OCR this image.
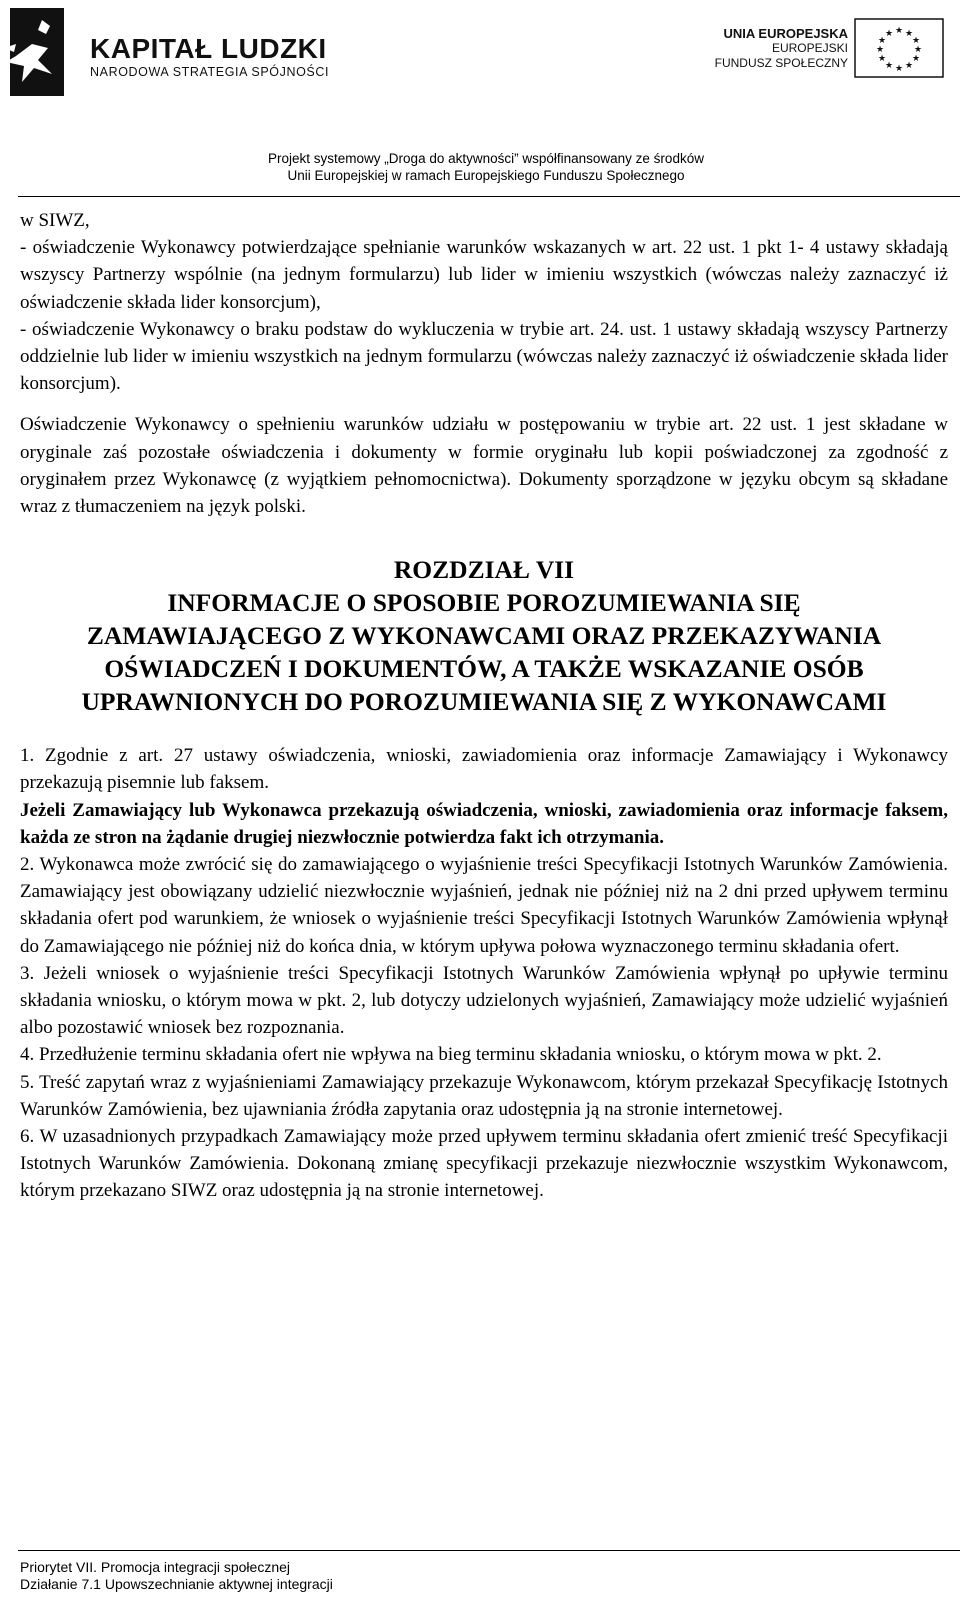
KAPITAŁ LUDZKI
NARODOWA STRATEGIA SPÓJNOŚCI
UNIA EUROPEJSKA
EUROPEJSKI
FUNDUSZ SPOŁECZNY
★ ★
★
★
★
★
★
★
★
★
★
★
Projekt systemowy „Droga do aktywności” współfinansowany ze środków
Unii Europejskiej w ramach Europejskiego Funduszu Społecznego

w SIWZ,

- oświadczenie Wykonawcy potwierdzające spełnianie warunków wskazanych w art. 22 ust. 1 pkt 1- 4 ustawy składają wszyscy Partnerzy wspólnie (na jednym formularzu) lub lider w imieniu wszystkich (wówczas należy zaznaczyć iż oświadczenie składa lider konsorcjum),

- oświadczenie Wykonawcy o braku podstaw do wykluczenia w trybie art. 24. ust. 1 ustawy składają wszyscy Partnerzy oddzielnie lub lider w imieniu wszystkich na jednym formularzu (wówczas należy zaznaczyć iż oświadczenie składa lider konsorcjum).

Oświadczenie Wykonawcy o spełnieniu warunków udziału w postępowaniu w trybie art. 22 ust. 1 jest składane w oryginale zaś pozostałe oświadczenia i dokumenty w formie oryginału lub kopii poświadczonej za zgodność z oryginałem przez Wykonawcę (z wyjątkiem pełnomocnictwa). Dokumenty sporządzone w języku obcym są składane wraz z tłumaczeniem na język polski.

ROZDZIAŁ VII

INFORMACJE O SPOSOBIE POROZUMIEWANIA SIĘ

ZAMAWIAJĄCEGO Z WYKONAWCAMI ORAZ PRZEKAZYWANIA

OŚWIADCZEŃ I DOKUMENTÓW, A TAKŻE WSKAZANIE OSÓB

UPRAWNIONYCH DO POROZUMIEWANIA SIĘ Z WYKONAWCAMI

1. Zgodnie z art. 27 ustawy oświadczenia, wnioski, zawiadomienia oraz informacje Zamawiający i Wykonawcy przekazują pisemnie lub faksem.

Jeżeli Zamawiający lub Wykonawca przekazują oświadczenia, wnioski, zawiadomienia oraz informacje faksem, każda ze stron na żądanie drugiej niezwłocznie potwierdza fakt ich otrzymania.

2. Wykonawca może zwrócić się do zamawiającego o wyjaśnienie treści Specyfikacji Istotnych Warunków Zamówienia. Zamawiający jest obowiązany udzielić niezwłocznie wyjaśnień, jednak nie później niż na 2 dni przed upływem terminu składania ofert pod warunkiem, że wniosek o wyjaśnienie treści Specyfikacji Istotnych Warunków Zamówienia wpłynął do Zamawiającego nie później niż do końca dnia, w którym upływa połowa wyznaczonego terminu składania ofert.

3. Jeżeli wniosek o wyjaśnienie treści Specyfikacji Istotnych Warunków Zamówienia wpłynął po upływie terminu składania wniosku, o którym mowa w pkt. 2, lub dotyczy udzielonych wyjaśnień, Zamawiający może udzielić wyjaśnień albo pozostawić wniosek bez rozpoznania.

4. Przedłużenie terminu składania ofert nie wpływa na bieg terminu składania wniosku, o którym mowa w pkt. 2.

5. Treść zapytań wraz z wyjaśnieniami Zamawiający przekazuje Wykonawcom, którym przekazał Specyfikację Istotnych Warunków Zamówienia, bez ujawniania źródła zapytania oraz udostępnia ją na stronie internetowej.

6. W uzasadnionych przypadkach Zamawiający może przed upływem terminu składania ofert zmienić treść Specyfikacji Istotnych Warunków Zamówienia. Dokonaną zmianę specyfikacji przekazuje niezwłocznie wszystkim Wykonawcom, którym przekazano SIWZ oraz udostępnia ją na stronie internetowej.

Priorytet VII. Promocja integracji społecznej
Działanie 7.1 Upowszechnianie aktywnej integracji
